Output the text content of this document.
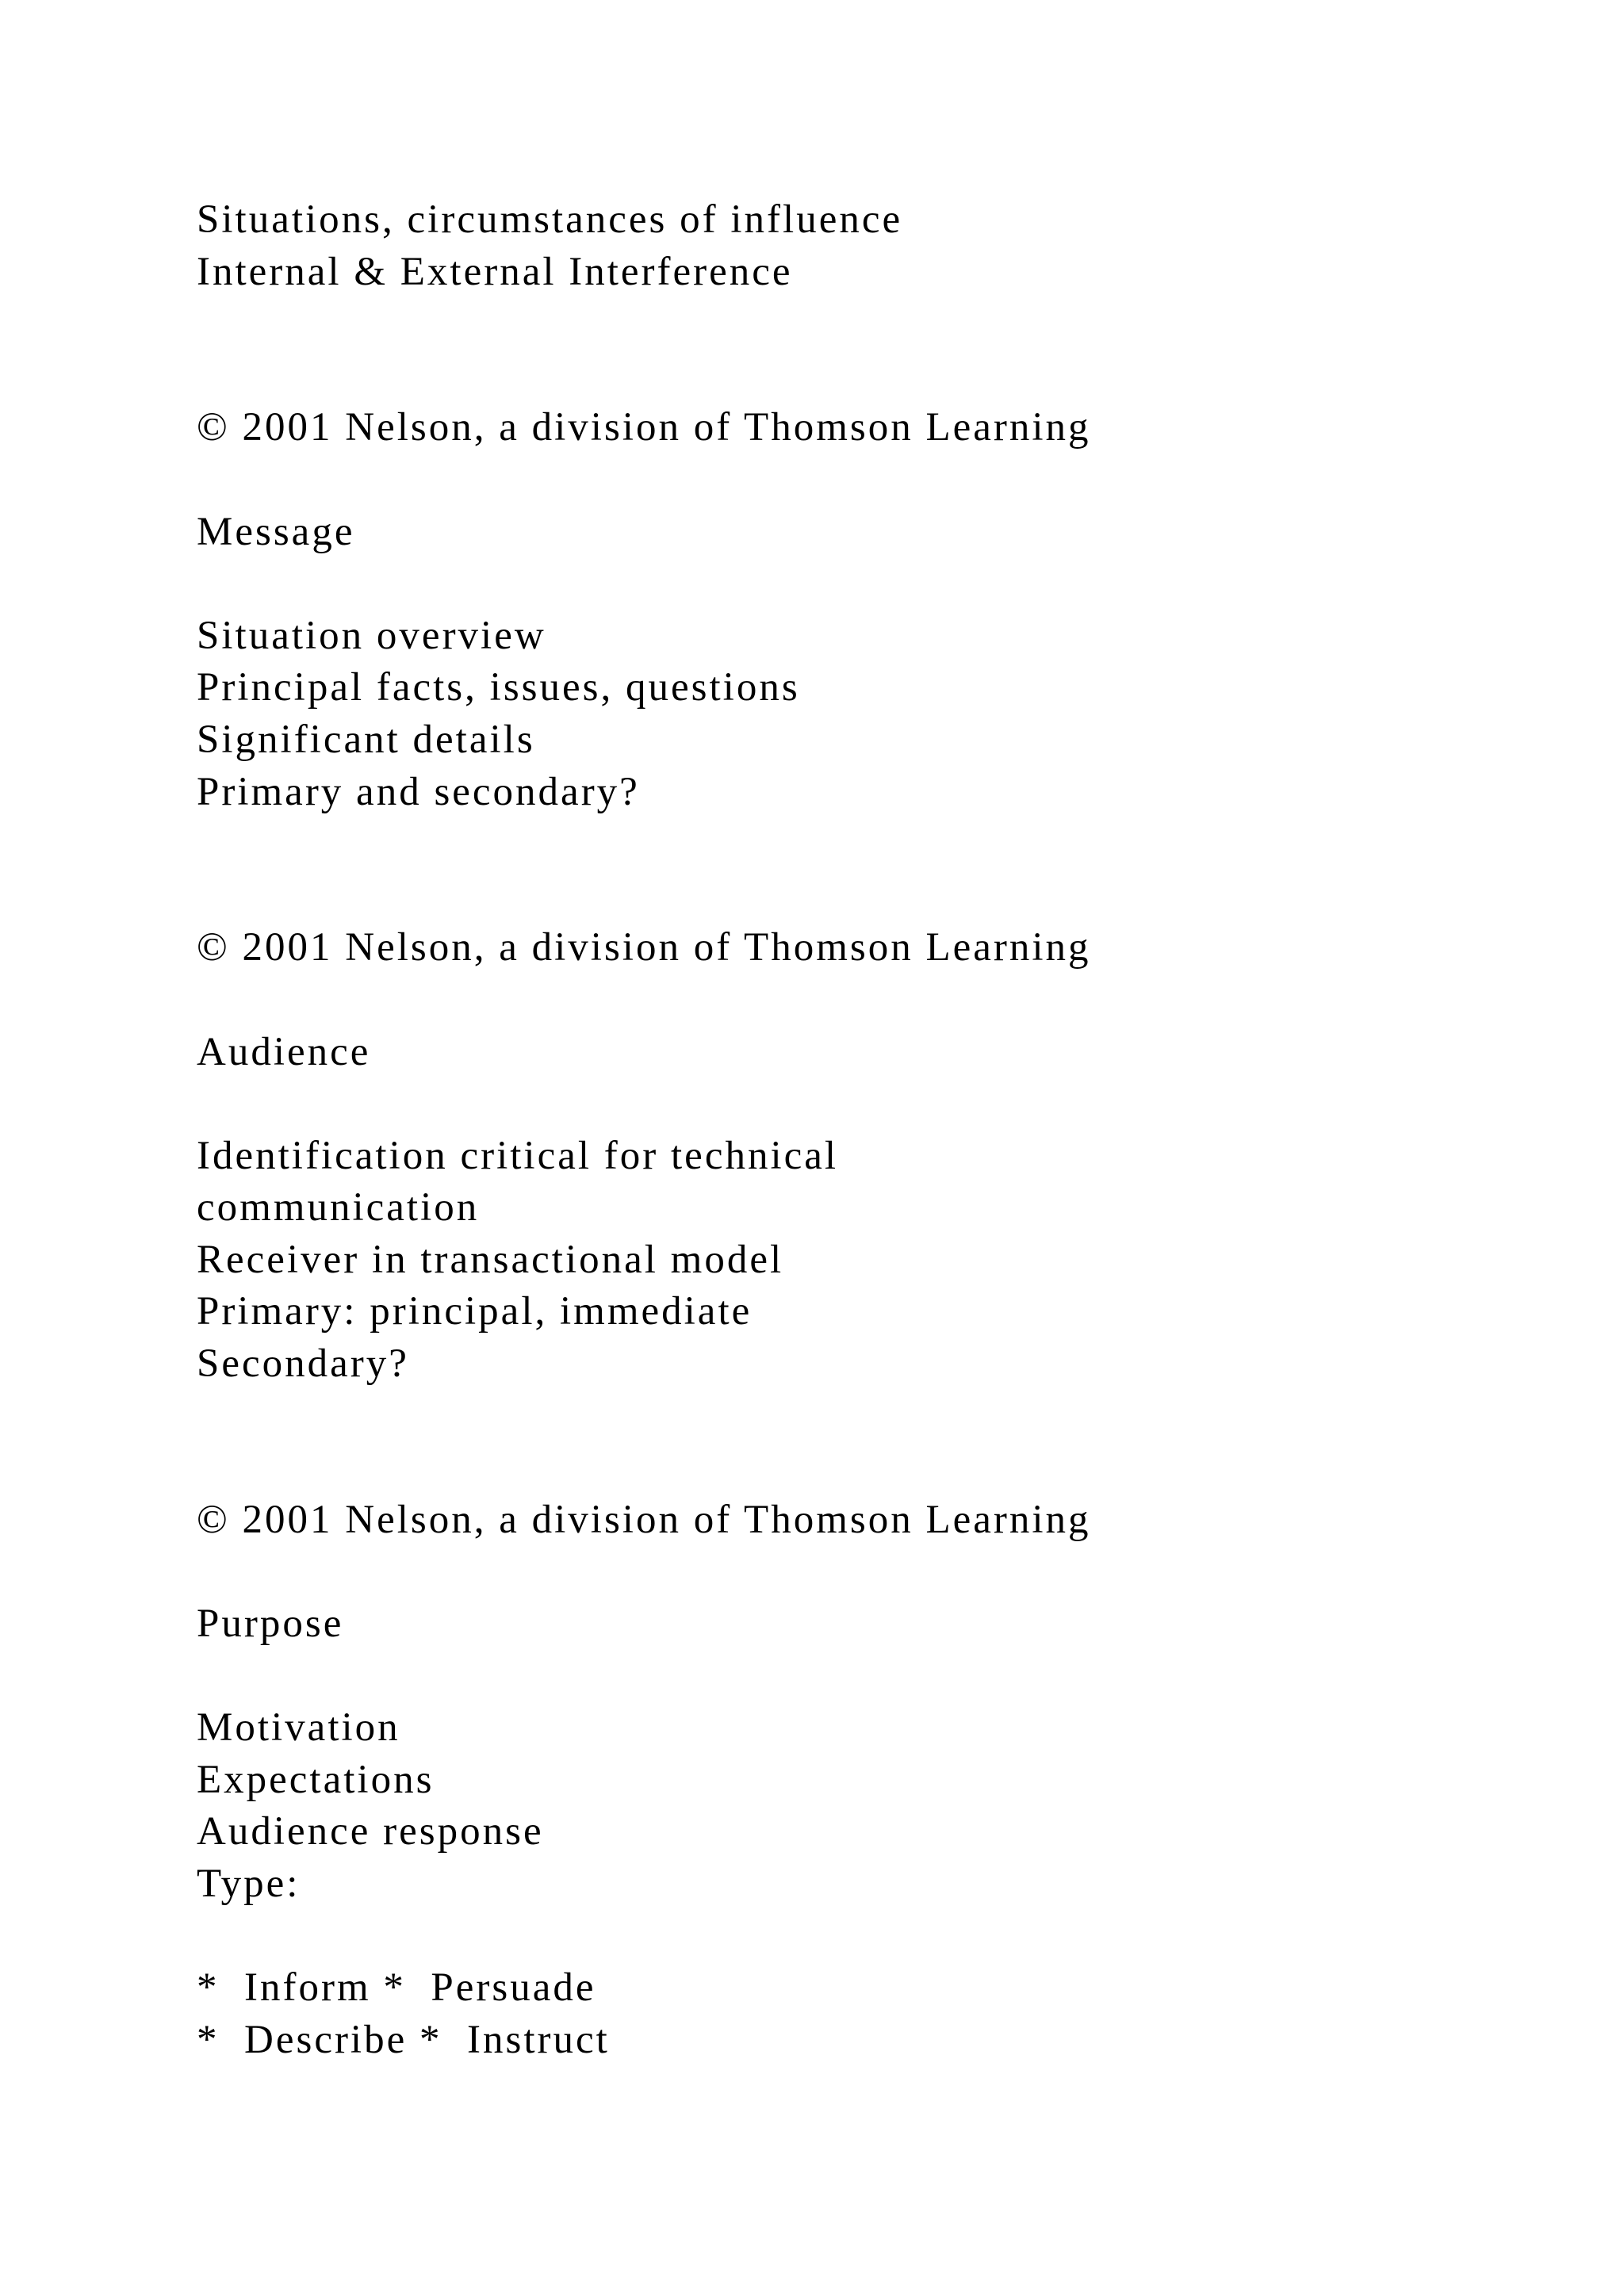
Situations, circumstances of influence
Internal & External Interference
© 2001 Nelson, a division of Thomson Learning
Message
Situation overview
Principal facts, issues, questions
Significant details
Primary and secondary?
© 2001 Nelson, a division of Thomson Learning
Audience
Identification critical for technical
communication
Receiver in transactional model
Primary: principal, immediate
Secondary?
© 2001 Nelson, a division of Thomson Learning
Purpose
Motivation
Expectations
Audience response
Type:
*  Inform *  Persuade
*  Describe *  Instruct
